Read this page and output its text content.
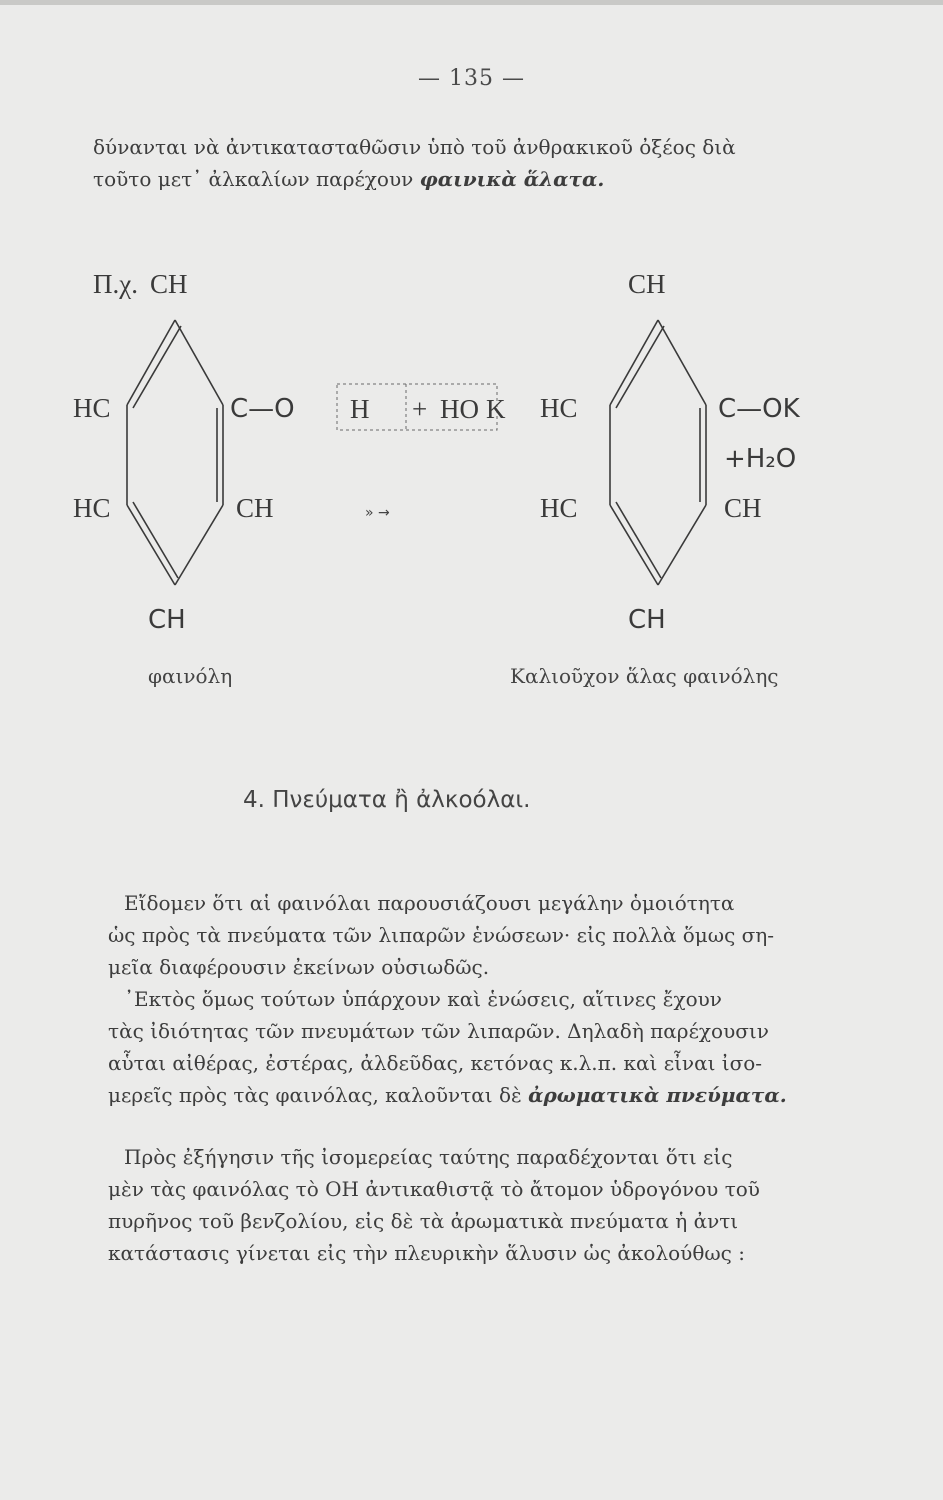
— 135 —

δύνανται νὰ ἀντικατασταθῶσιν ὑπὸ τοῦ ἀνθρακικοῦ ὀξέος διὰ

τοῦτο μετ᾽ ἀλκαλίων παρέχουν φαινικὰ ἅλατα.

Π.χ. CH
HC	C—O
HC	CH
CH
φαινόλη
H + HO K
» →
CH
HC	C—OK
+H₂O
HC	CH
CH
Καλιοῦχον ἅλας φαινόλης
4. Πνεύματα ἢ ἀλκοόλαι.

Εἴδομεν ὅτι αἱ φαινόλαι παρουσιάζουσι μεγάλην ὁμοιότητα

ὡς πρὸς τὰ πνεύματα τῶν λιπαρῶν ἑνώσεων· εἰς πολλὰ ὅμως ση-

μεῖα διαφέρουσιν ἐκείνων οὐσιωδῶς.

᾽Εκτὸς ὅμως τούτων ὑπάρχουν καὶ ἑνώσεις, αἵτινες ἔχουν

τὰς ἰδιότητας τῶν πνευμάτων τῶν λιπαρῶν. Δηλαδὴ παρέχουσιν

αὗται αἰθέρας, ἐστέρας, ἀλδεῦδας, κετόνας κ.λ.π. καὶ εἶναι ἰσο-

μερεῖς πρὸς τὰς φαινόλας, καλοῦνται δὲ ἀρωματικὰ πνεύματα.

Πρὸς ἐξήγησιν τῆς ἰσομερείας ταύτης παραδέχονται ὅτι εἰς

μὲν τὰς φαινόλας τὸ ΟΗ ἀντικαθιστᾷ τὸ ἄτομον ὑδρογόνου τοῦ

πυρῆνος τοῦ βενζολίου, εἰς δὲ τὰ ἀρωματικὰ πνεύματα ἡ ἀντι

κατάστασις γίνεται εἰς τὴν πλευρικὴν ἅλυσιν ὡς ἀκολούθως :
